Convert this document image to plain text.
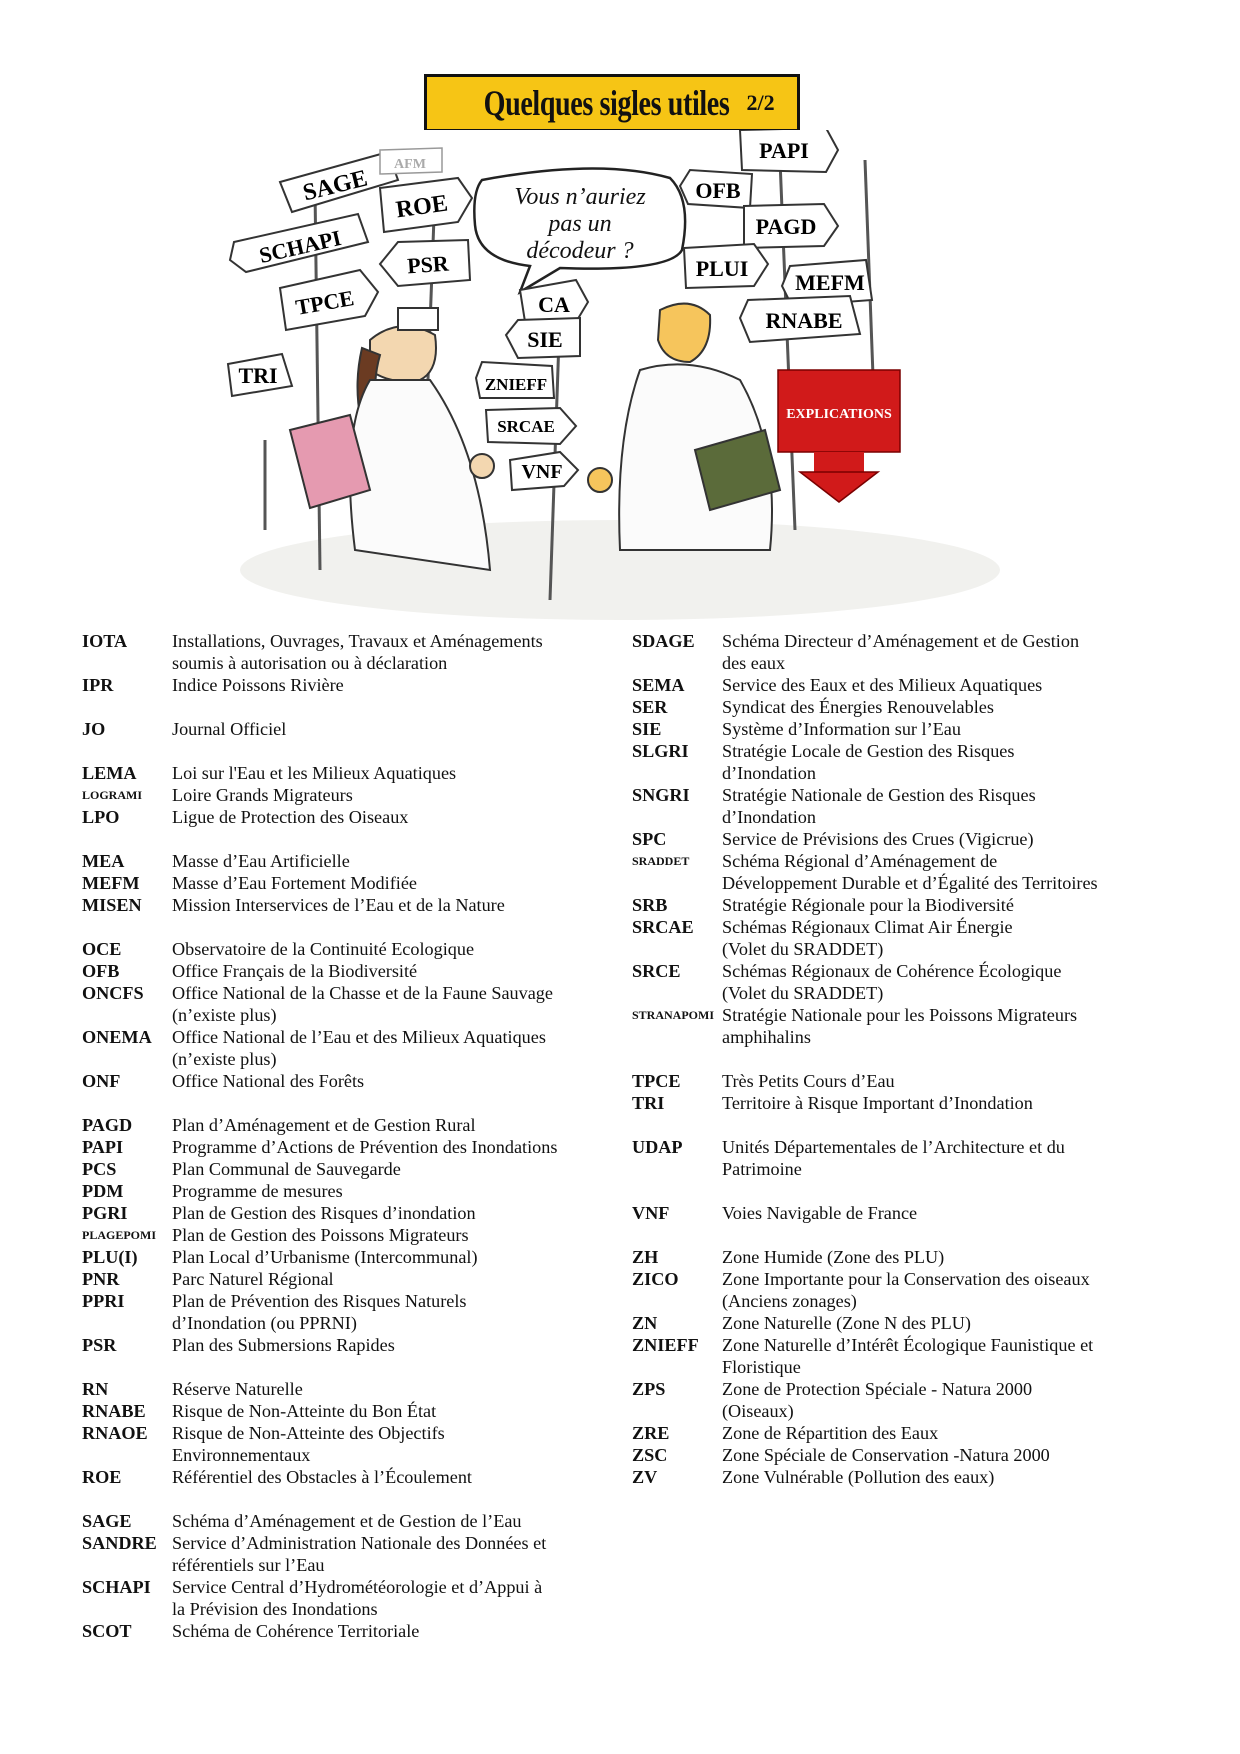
Quelques sigles utiles 2/2
SAGE
AFM
ROE
SCHAPI	PSR
TPCE
TRI
Vous n’auriez
pas un
décodeur ?
CA
SIE
ZNIEFF
SRCAE
VNF
PAPI
OFB
PAGD
PLUI
MEFM
RNABE
EXPLICATIONS
IOTA	Installations, Ouvrages, Travaux et Aménagements
soumis à autorisation ou à déclaration
IPR	Indice Poissons Rivière
JO	Journal Officiel
LEMA	Loi sur l'Eau et les Milieux Aquatiques
LOGRAMI	Loire Grands Migrateurs
LPO	Ligue de Protection des Oiseaux
MEA	Masse d’Eau Artificielle
MEFM	Masse d’Eau Fortement Modifiée
MISEN	Mission Interservices de l’Eau et de la Nature
OCE	Observatoire de la Continuité Ecologique
OFB	Office Français de la Biodiversité
ONCFS	Office National de la Chasse et de la Faune Sauvage
(n’existe plus)
ONEMA	Office National de l’Eau et des Milieux Aquatiques
(n’existe plus)
ONF	Office National des Forêts
PAGD	Plan d’Aménagement et de Gestion Rural
PAPI	Programme d’Actions de Prévention des Inondations
PCS	Plan Communal de Sauvegarde
PDM	Programme de mesures
PGRI	Plan de Gestion des Risques d’inondation
PLAGEPOMI Plan de Gestion des Poissons Migrateurs
PLU(I)	Plan Local d’Urbanisme (Intercommunal)
PNR	Parc Naturel Régional
PPRI	Plan de Prévention des Risques Naturels
d’Inondation (ou PPRNI)
PSR	Plan des Submersions Rapides
RN	Réserve Naturelle
RNABE	Risque de Non-Atteinte du Bon État
RNAOE	Risque de Non-Atteinte des Objectifs
Environnementaux
ROE	Référentiel des Obstacles à l’Écoulement
SAGE	Schéma d’Aménagement et de Gestion de l’Eau
SANDRE Service d’Administration Nationale des Données et
référentiels sur l’Eau
SCHAPI	Service Central d’Hydrométéorologie et d’Appui à
la Prévision des Inondations
SCOT	Schéma de Cohérence Territoriale
SDAGE	Schéma Directeur d’Aménagement et de Gestion
des eaux
SEMA	Service des Eaux et des Milieux Aquatiques
SER	Syndicat des Énergies Renouvelables
SIE	Système d’Information sur l’Eau
SLGRI	Stratégie Locale de Gestion des Risques
d’Inondation
SNGRI	Stratégie Nationale de Gestion des Risques
d’Inondation
SPC	Service de Prévisions des Crues (Vigicrue)
SRADDET	Schéma Régional d’Aménagement de
Développement Durable et d’Égalité des Territoires
SRB	Stratégie Régionale pour la Biodiversité
SRCAE	Schémas Régionaux Climat Air Énergie
(Volet du SRADDET)
SRCE	Schémas Régionaux de Cohérence Écologique
(Volet du SRADDET)
STRANAPOMI Stratégie Nationale pour les Poissons Migrateurs
amphihalins
TPCE	Très Petits Cours d’Eau
TRI	Territoire à Risque Important d’Inondation
UDAP	Unités Départementales de l’Architecture et du
Patrimoine
VNF	Voies Navigable de France
ZH	Zone Humide (Zone des PLU)
ZICO	Zone Importante pour la Conservation des oiseaux
(Anciens zonages)
ZN	Zone Naturelle (Zone N des PLU)
ZNIEFF	Zone Naturelle d’Intérêt Écologique Faunistique et
Floristique
ZPS	Zone de Protection Spéciale - Natura 2000
(Oiseaux)
ZRE	Zone de Répartition des Eaux
ZSC	Zone Spéciale de Conservation -Natura 2000
ZV	Zone Vulnérable (Pollution des eaux)
